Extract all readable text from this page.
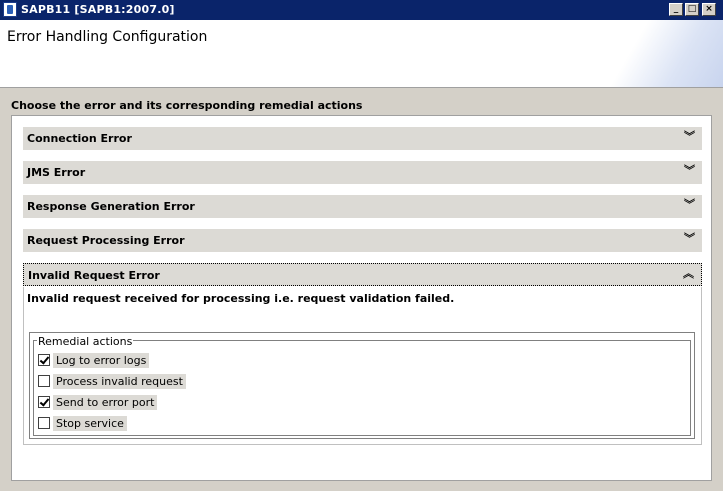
SAPB11 [SAPB1:2007.0]	_	□ ×
Error Handling Configuration
Choose the error and its corresponding remedial actions
Connection Error	︾
JMS Error	︾
Response Generation Error	︾
Request Processing Error	︾
Invalid Request Error	︽
Invalid request received for processing i.e. request validation failed.
Remedial actions
Log to error logs
Process invalid request
Send to error port
Stop service
